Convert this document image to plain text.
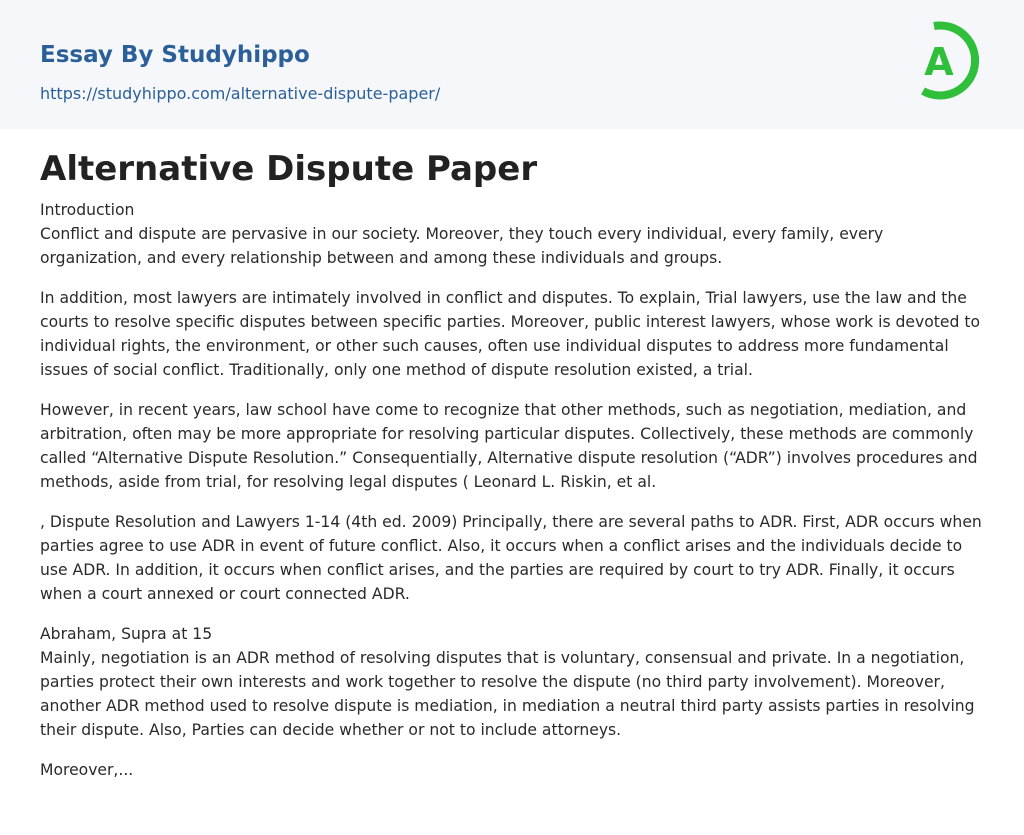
Essay By Studyhippo
https://studyhippo.com/alternative-dispute-paper/
A
Alternative Dispute Paper

Introduction
Conflict and dispute are pervasive in our society. Moreover, they touch every individual, every family, every organization, and every relationship between and among these individuals and groups.

In addition, most lawyers are intimately involved in conflict and disputes. To explain, Trial lawyers, use the law and the courts to resolve specific disputes between specific parties. Moreover, public interest lawyers, whose work is devoted to individual rights, the environment, or other such causes, often use individual disputes to address more fundamental issues of social conflict. Traditionally, only one method of dispute resolution existed, a trial.

However, in recent years, law school have come to recognize that other methods, such as negotiation, mediation, and arbitration, often may be more appropriate for resolving particular disputes. Collectively, these methods are commonly called “Alternative Dispute Resolution.” Consequentially, Alternative dispute resolution (“ADR”) involves procedures and methods, aside from trial, for resolving legal disputes ( Leonard L. Riskin, et al.

, Dispute Resolution and Lawyers 1-14 (4th ed. 2009) Principally, there are several paths to ADR. First, ADR occurs when parties agree to use ADR in event of future conflict. Also, it occurs when a conflict arises and the individuals decide to use ADR. In addition, it occurs when conflict arises, and the parties are required by court to try ADR. Finally, it occurs when a court annexed or court connected ADR.

Abraham, Supra at 15
Mainly, negotiation is an ADR method of resolving disputes that is voluntary, consensual and private. In a negotiation, parties protect their own interests and work together to resolve the dispute (no third party involvement). Moreover, another ADR method used to resolve dispute is mediation, in mediation a neutral third party assists parties in resolving their dispute. Also, Parties can decide whether or not to include attorneys.

Moreover,...
